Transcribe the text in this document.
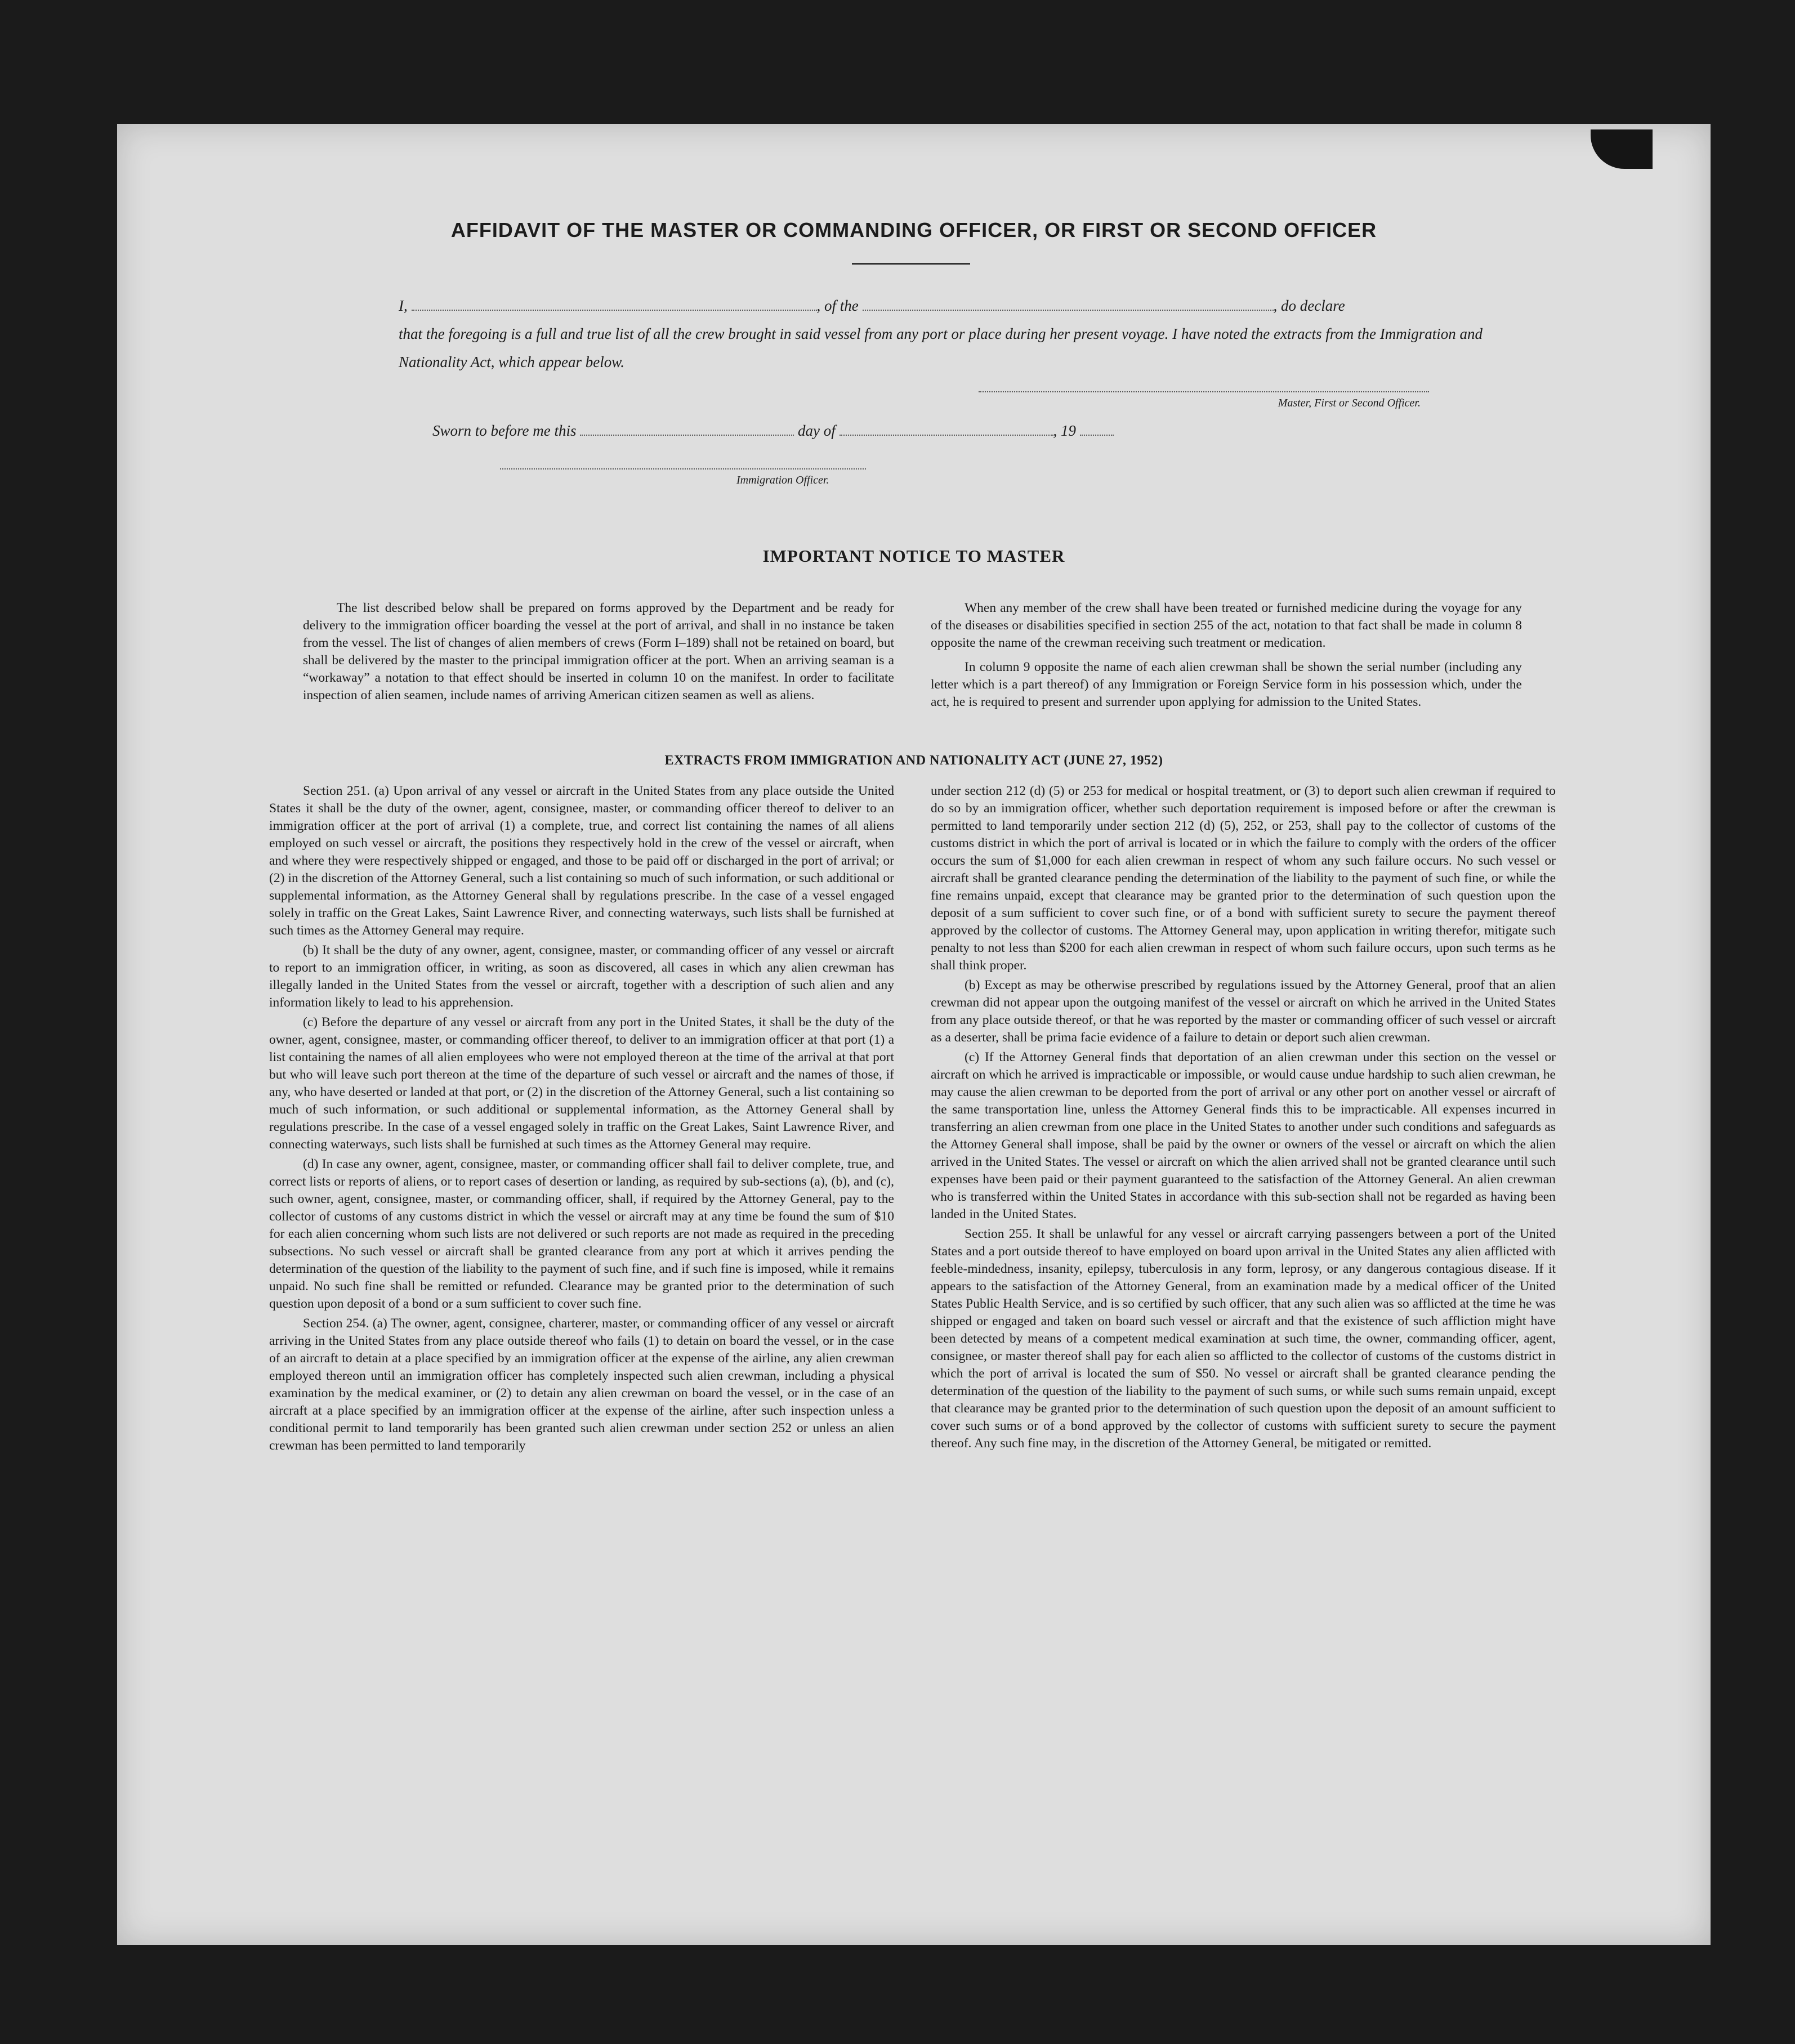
AFFIDAVIT OF THE MASTER OR COMMANDING OFFICER, OR FIRST OR SECOND OFFICER
I,	, of the	, do declare
that the foregoing is a full and true list of all the crew brought in said vessel from any port or place during her present voyage. I have noted the extracts from the Immigration and Nationality Act, which appear below.
Master, First or Second Officer.
Sworn to before me this	day of	, 19
Immigration Officer.
IMPORTANT NOTICE TO MASTER

The list described below shall be prepared on forms approved by the Department and be ready for delivery to the immigration officer boarding the vessel at the port of arrival, and shall in no instance be taken from the vessel. The list of changes of alien members of crews (Form I–189) shall not be retained on board, but shall be delivered by the master to the principal immigration officer at the port. When an arriving seaman is a “workaway” a notation to that effect should be inserted in column 10 on the manifest. In order to facilitate inspection of alien seamen, include names of arriving American citizen seamen as well as aliens.

When any member of the crew shall have been treated or furnished medicine during the voyage for any of the diseases or disabilities specified in section 255 of the act, notation to that fact shall be made in column 8 opposite the name of the crewman receiving such treatment or medication.

In column 9 opposite the name of each alien crewman shall be shown the serial number (including any letter which is a part thereof) of any Immigration or Foreign Service form in his possession which, under the act, he is required to present and surrender upon applying for admission to the United States.

EXTRACTS FROM IMMIGRATION AND NATIONALITY ACT (JUNE 27, 1952)

Section 251. (a) Upon arrival of any vessel or aircraft in the United States from any place outside the United States it shall be the duty of the owner, agent, consignee, master, or commanding officer thereof to deliver to an immigration officer at the port of arrival (1) a complete, true, and correct list containing the names of all aliens employed on such vessel or aircraft, the positions they respectively hold in the crew of the vessel or aircraft, when and where they were respectively shipped or engaged, and those to be paid off or discharged in the port of arrival; or (2) in the discretion of the Attorney General, such a list containing so much of such information, or such additional or supplemental information, as the Attorney General shall by regulations prescribe. In the case of a vessel engaged solely in traffic on the Great Lakes, Saint Lawrence River, and connecting waterways, such lists shall be furnished at such times as the Attorney General may require.

(b) It shall be the duty of any owner, agent, consignee, master, or commanding officer of any vessel or aircraft to report to an immigration officer, in writing, as soon as discovered, all cases in which any alien crewman has illegally landed in the United States from the vessel or aircraft, together with a description of such alien and any information likely to lead to his apprehension.

(c) Before the departure of any vessel or aircraft from any port in the United States, it shall be the duty of the owner, agent, consignee, master, or commanding officer thereof, to deliver to an immigration officer at that port (1) a list containing the names of all alien employees who were not employed thereon at the time of the arrival at that port but who will leave such port thereon at the time of the departure of such vessel or aircraft and the names of those, if any, who have deserted or landed at that port, or (2) in the discretion of the Attorney General, such a list containing so much of such information, or such additional or supplemental information, as the Attorney General shall by regulations prescribe. In the case of a vessel engaged solely in traffic on the Great Lakes, Saint Lawrence River, and connecting waterways, such lists shall be furnished at such times as the Attorney General may require.

(d) In case any owner, agent, consignee, master, or commanding officer shall fail to deliver complete, true, and correct lists or reports of aliens, or to report cases of desertion or landing, as required by sub-sections (a), (b), and (c), such owner, agent, consignee, master, or commanding officer, shall, if required by the Attorney General, pay to the collector of customs of any customs district in which the vessel or aircraft may at any time be found the sum of $10 for each alien concerning whom such lists are not delivered or such reports are not made as required in the preceding subsections. No such vessel or aircraft shall be granted clearance from any port at which it arrives pending the determination of the question of the liability to the payment of such fine, and if such fine is imposed, while it remains unpaid. No such fine shall be remitted or refunded. Clearance may be granted prior to the determination of such question upon deposit of a bond or a sum sufficient to cover such fine.

Section 254. (a) The owner, agent, consignee, charterer, master, or commanding officer of any vessel or aircraft arriving in the United States from any place outside thereof who fails (1) to detain on board the vessel, or in the case of an aircraft to detain at a place specified by an immigration officer at the expense of the airline, any alien crewman employed thereon until an immigration officer has completely inspected such alien crewman, including a physical examination by the medical examiner, or (2) to detain any alien crewman on board the vessel, or in the case of an aircraft at a place specified by an immigration officer at the expense of the airline, after such inspection unless a conditional permit to land temporarily has been granted such alien crewman under section 252 or unless an alien crewman has been permitted to land temporarily

under section 212 (d) (5) or 253 for medical or hospital treatment, or (3) to deport such alien crewman if required to do so by an immigration officer, whether such deportation requirement is imposed before or after the crewman is permitted to land temporarily under section 212 (d) (5), 252, or 253, shall pay to the collector of customs of the customs district in which the port of arrival is located or in which the failure to comply with the orders of the officer occurs the sum of $1,000 for each alien crewman in respect of whom any such failure occurs. No such vessel or aircraft shall be granted clearance pending the determination of the liability to the payment of such fine, or while the fine remains unpaid, except that clearance may be granted prior to the determination of such question upon the deposit of a sum sufficient to cover such fine, or of a bond with sufficient surety to secure the payment thereof approved by the collector of customs. The Attorney General may, upon application in writing therefor, mitigate such penalty to not less than $200 for each alien crewman in respect of whom such failure occurs, upon such terms as he shall think proper.

(b) Except as may be otherwise prescribed by regulations issued by the Attorney General, proof that an alien crewman did not appear upon the outgoing manifest of the vessel or aircraft on which he arrived in the United States from any place outside thereof, or that he was reported by the master or commanding officer of such vessel or aircraft as a deserter, shall be prima facie evidence of a failure to detain or deport such alien crewman.

(c) If the Attorney General finds that deportation of an alien crewman under this section on the vessel or aircraft on which he arrived is impracticable or impossible, or would cause undue hardship to such alien crewman, he may cause the alien crewman to be deported from the port of arrival or any other port on another vessel or aircraft of the same transportation line, unless the Attorney General finds this to be impracticable. All expenses incurred in transferring an alien crewman from one place in the United States to another under such conditions and safeguards as the Attorney General shall impose, shall be paid by the owner or owners of the vessel or aircraft on which the alien arrived in the United States. The vessel or aircraft on which the alien arrived shall not be granted clearance until such expenses have been paid or their payment guaranteed to the satisfaction of the Attorney General. An alien crewman who is transferred within the United States in accordance with this sub-section shall not be regarded as having been landed in the United States.

Section 255. It shall be unlawful for any vessel or aircraft carrying passengers between a port of the United States and a port outside thereof to have employed on board upon arrival in the United States any alien afflicted with feeble-mindedness, insanity, epilepsy, tuberculosis in any form, leprosy, or any dangerous contagious disease. If it appears to the satisfaction of the Attorney General, from an examination made by a medical officer of the United States Public Health Service, and is so certified by such officer, that any such alien was so afflicted at the time he was shipped or engaged and taken on board such vessel or aircraft and that the existence of such affliction might have been detected by means of a competent medical examination at such time, the owner, commanding officer, agent, consignee, or master thereof shall pay for each alien so afflicted to the collector of customs of the customs district in which the port of arrival is located the sum of $50. No vessel or aircraft shall be granted clearance pending the determination of the question of the liability to the payment of such sums, or while such sums remain unpaid, except that clearance may be granted prior to the determination of such question upon the deposit of an amount sufficient to cover such sums or of a bond approved by the collector of customs with sufficient surety to secure the payment thereof. Any such fine may, in the discretion of the Attorney General, be mitigated or remitted.
